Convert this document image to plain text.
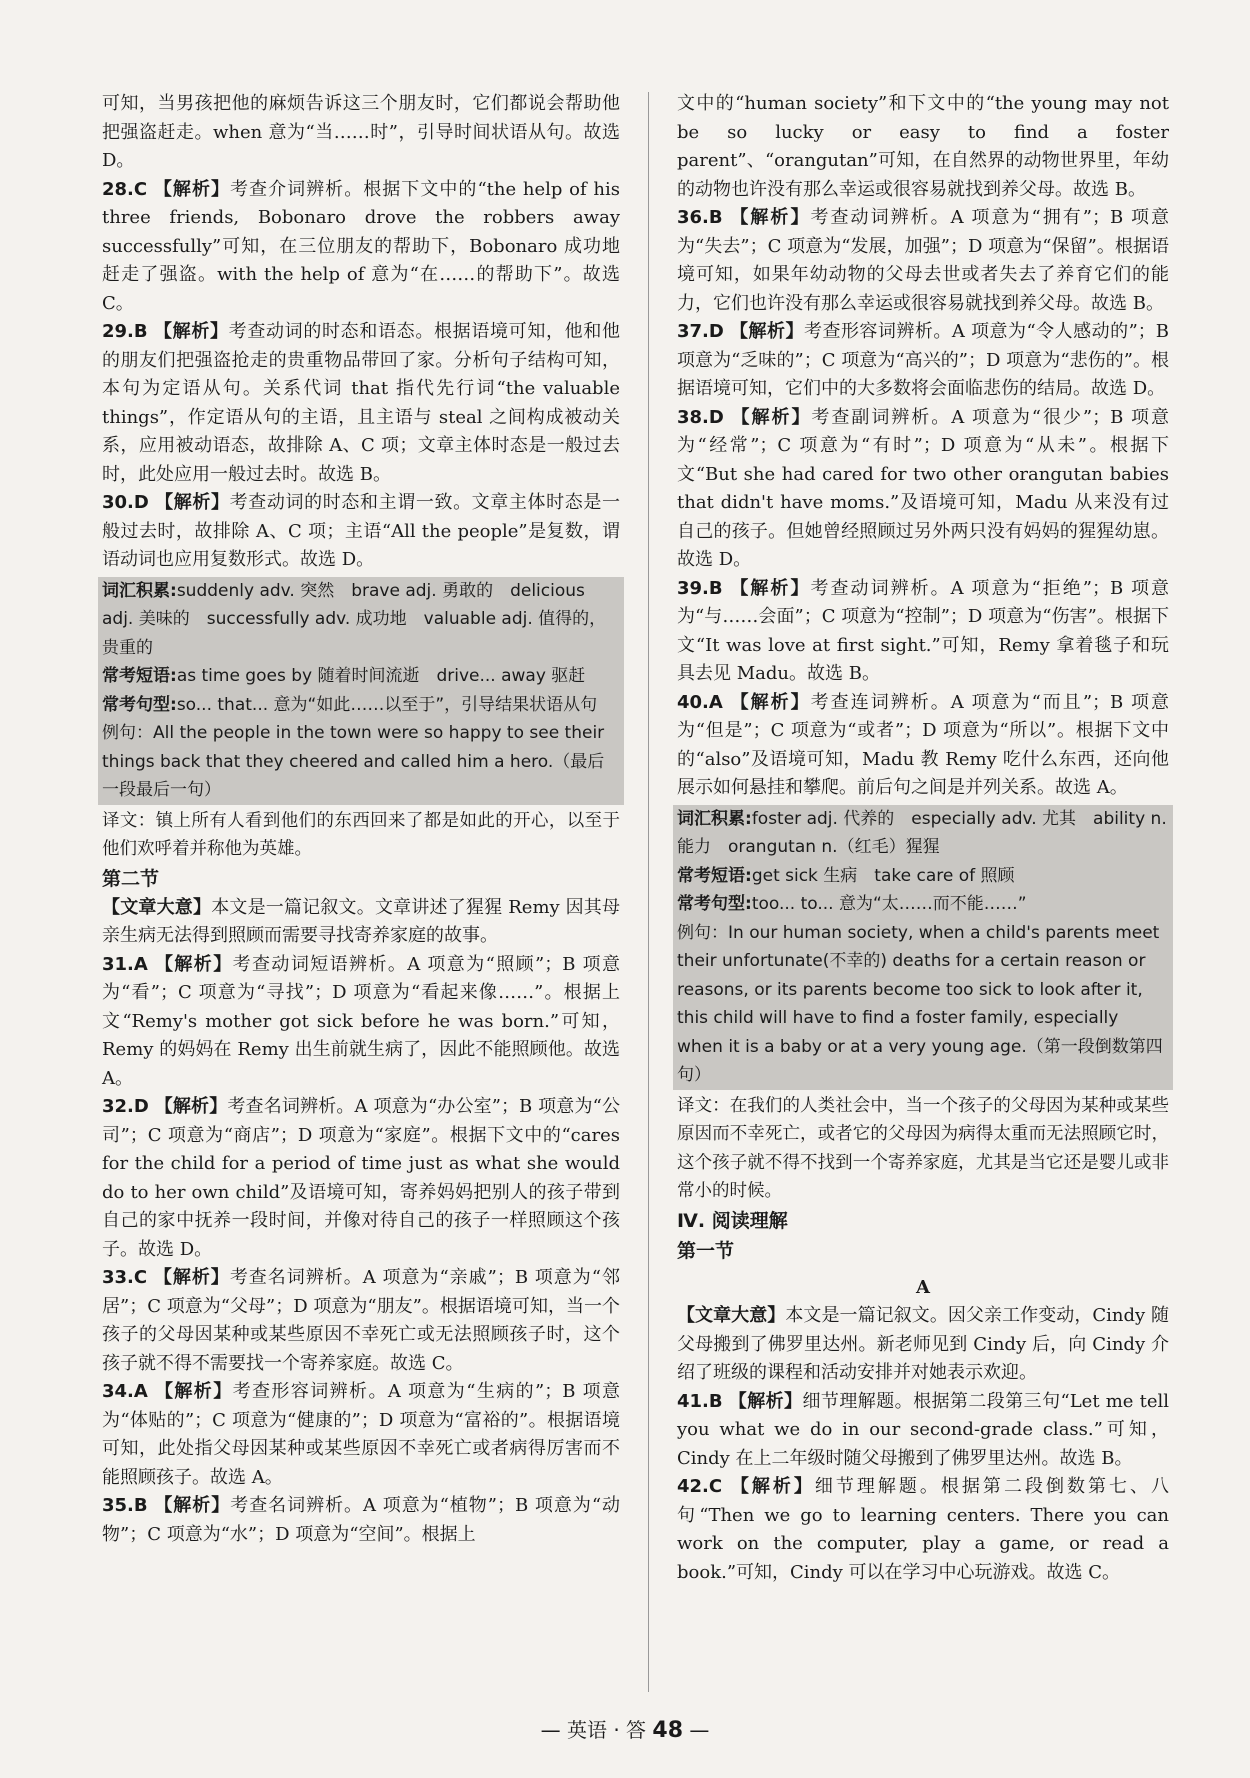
可知，当男孩把他的麻烦告诉这三个朋友时，它们都说会帮助他把强盗赶走。when 意为“当……时”，引导时间状语从句。故选 D。

28.C 【解析】考查介词辨析。根据下文中的“the help of his three friends, Bobonaro drove the robbers away successfully”可知，在三位朋友的帮助下，Bobonaro 成功地赶走了强盗。with the help of 意为“在……的帮助下”。故选 C。

29.B 【解析】考查动词的时态和语态。根据语境可知，他和他的朋友们把强盗抢走的贵重物品带回了家。分析句子结构可知，本句为定语从句。关系代词 that 指代先行词“the valuable things”，作定语从句的主语，且主语与 steal 之间构成被动关系，应用被动语态，故排除 A、C 项；文章主体时态是一般过去时，此处应用一般过去时。故选 B。

30.D 【解析】考查动词的时态和主谓一致。文章主体时态是一般过去时，故排除 A、C 项；主语“All the people”是复数，谓语动词也应用复数形式。故选 D。

词汇积累:suddenly adv. 突然　brave adj. 勇敢的　delicious adj. 美味的　successfully adv. 成功地　valuable adj. 值得的，贵重的
常考短语:as time goes by 随着时间流逝　drive... away 驱赶
常考句型:so... that... 意为“如此……以至于”，引导结果状语从句
例句：All the people in the town were so happy to see their things back that they cheered and called him a hero.（最后一段最后一句）

译文：镇上所有人看到他们的东西回来了都是如此的开心，以至于他们欢呼着并称他为英雄。

第二节

【文章大意】本文是一篇记叙文。文章讲述了猩猩 Remy 因其母亲生病无法得到照顾而需要寻找寄养家庭的故事。

31.A 【解析】考查动词短语辨析。A 项意为“照顾”；B 项意为“看”；C 项意为“寻找”；D 项意为“看起来像……”。根据上文“Remy's mother got sick before he was born.”可知，Remy 的妈妈在 Remy 出生前就生病了，因此不能照顾他。故选 A。

32.D 【解析】考查名词辨析。A 项意为“办公室”；B 项意为“公司”；C 项意为“商店”；D 项意为“家庭”。根据下文中的“cares for the child for a period of time just as what she would do to her own child”及语境可知，寄养妈妈把别人的孩子带到自己的家中抚养一段时间，并像对待自己的孩子一样照顾这个孩子。故选 D。

33.C 【解析】考查名词辨析。A 项意为“亲戚”；B 项意为“邻居”；C 项意为“父母”；D 项意为“朋友”。根据语境可知，当一个孩子的父母因某种或某些原因不幸死亡或无法照顾孩子时，这个孩子就不得不需要找一个寄养家庭。故选 C。

34.A 【解析】考查形容词辨析。A 项意为“生病的”；B 项意为“体贴的”；C 项意为“健康的”；D 项意为“富裕的”。根据语境可知，此处指父母因某种或某些原因不幸死亡或者病得厉害而不能照顾孩子。故选 A。

35.B 【解析】考查名词辨析。A 项意为“植物”；B 项意为“动物”；C 项意为“水”；D 项意为“空间”。根据上

文中的“human society”和下文中的“the young may not be so lucky or easy to find a foster parent”、“orangutan”可知，在自然界的动物世界里，年幼的动物也许没有那么幸运或很容易就找到养父母。故选 B。

36.B 【解析】考查动词辨析。A 项意为“拥有”；B 项意为“失去”；C 项意为“发展，加强”；D 项意为“保留”。根据语境可知，如果年幼动物的父母去世或者失去了养育它们的能力，它们也许没有那么幸运或很容易就找到养父母。故选 B。

37.D 【解析】考查形容词辨析。A 项意为“令人感动的”；B 项意为“乏味的”；C 项意为“高兴的”；D 项意为“悲伤的”。根据语境可知，它们中的大多数将会面临悲伤的结局。故选 D。

38.D 【解析】考查副词辨析。A 项意为“很少”；B 项意为“经常”；C 项意为“有时”；D 项意为“从未”。根据下文“But she had cared for two other orangutan babies that didn't have moms.”及语境可知，Madu 从来没有过自己的孩子。但她曾经照顾过另外两只没有妈妈的猩猩幼崽。故选 D。

39.B 【解析】考查动词辨析。A 项意为“拒绝”；B 项意为“与……会面”；C 项意为“控制”；D 项意为“伤害”。根据下文“It was love at first sight.”可知，Remy 拿着毯子和玩具去见 Madu。故选 B。

40.A 【解析】考查连词辨析。A 项意为“而且”；B 项意为“但是”；C 项意为“或者”；D 项意为“所以”。根据下文中的“also”及语境可知，Madu 教 Remy 吃什么东西，还向他展示如何悬挂和攀爬。前后句之间是并列关系。故选 A。

词汇积累:foster adj. 代养的　especially adv. 尤其　ability n. 能力　orangutan n.（红毛）猩猩
常考短语:get sick 生病　take care of 照顾
常考句型:too... to... 意为“太……而不能……”
例句：In our human society, when a child's parents meet their unfortunate(不幸的) deaths for a certain reason or reasons, or its parents become too sick to look after it, this child will have to find a foster family, especially when it is a baby or at a very young age.（第一段倒数第四句）

译文：在我们的人类社会中，当一个孩子的父母因为某种或某些原因而不幸死亡，或者它的父母因为病得太重而无法照顾它时，这个孩子就不得不找到一个寄养家庭，尤其是当它还是婴儿或非常小的时候。

Ⅳ. 阅读理解
第一节
A

【文章大意】本文是一篇记叙文。因父亲工作变动，Cindy 随父母搬到了佛罗里达州。新老师见到 Cindy 后，向 Cindy 介绍了班级的课程和活动安排并对她表示欢迎。

41.B 【解析】细节理解题。根据第二段第三句“Let me tell you what we do in our second-grade class.”可知，Cindy 在上二年级时随父母搬到了佛罗里达州。故选 B。

42.C 【解析】细节理解题。根据第二段倒数第七、八句“Then we go to learning centers. There you can work on the computer, play a game, or read a book.”可知，Cindy 可以在学习中心玩游戏。故选 C。

— 英语 · 答 48 —
